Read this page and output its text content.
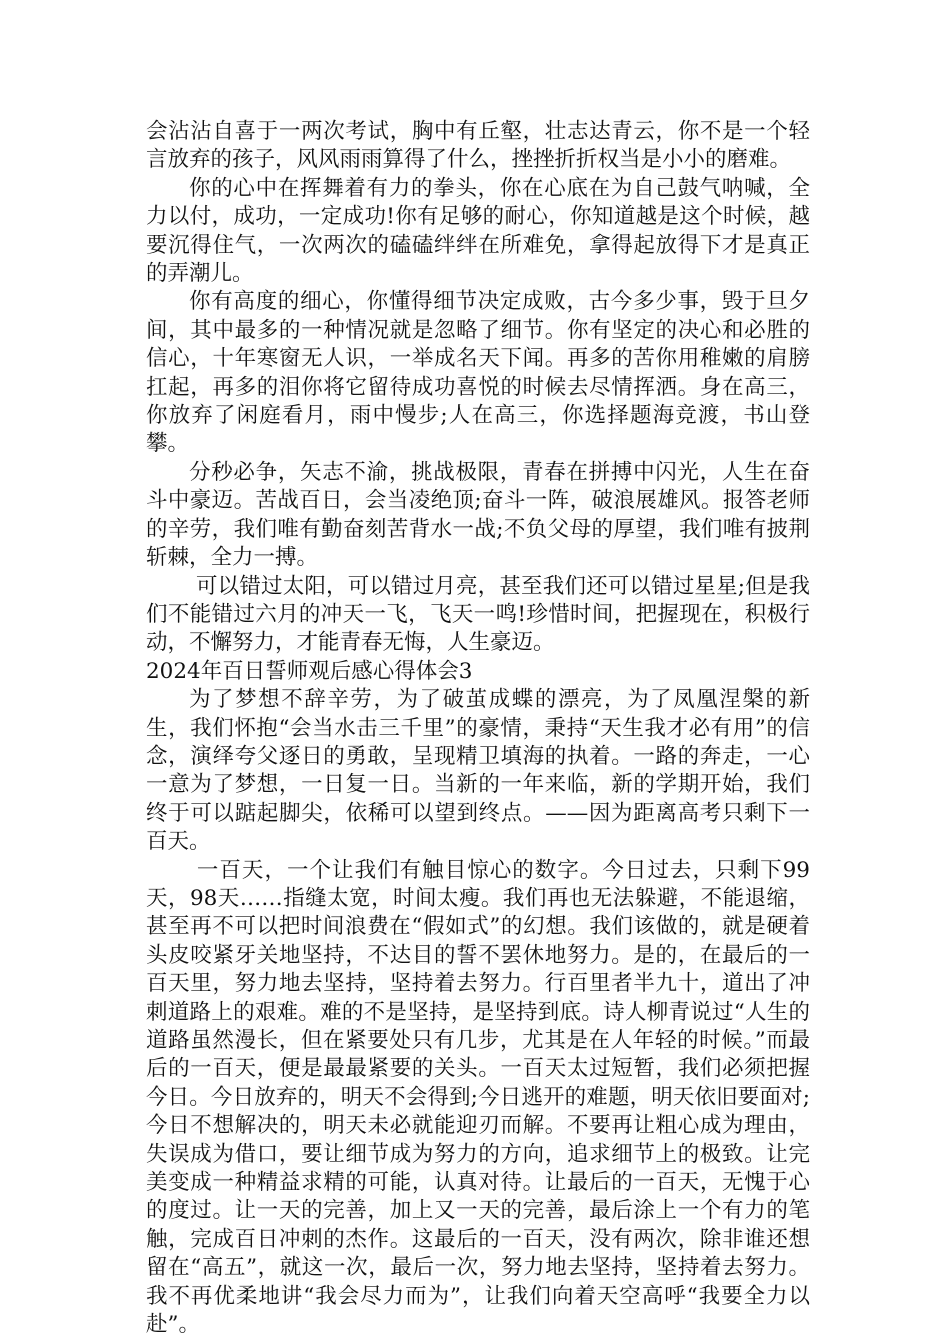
会沾沾自喜于一两次考试，胸中有丘壑，壮志达青云，你不是一个轻言放弃的孩子，风风雨雨算得了什么，挫挫折折权当是小小的磨难。

你的心中在挥舞着有力的拳头，你在心底在为自己鼓气呐喊，全力以付，成功，一定成功!你有足够的耐心，你知道越是这个时候，越要沉得住气，一次两次的磕磕绊绊在所难免，拿得起放得下才是真正的弄潮儿。

你有高度的细心，你懂得细节决定成败，古今多少事，毁于旦夕间，其中最多的一种情况就是忽略了细节。你有坚定的决心和必胜的信心，十年寒窗无人识，一举成名天下闻。再多的苦你用稚嫩的肩膀扛起，再多的泪你将它留待成功喜悦的时候去尽情挥洒。身在高三，你放弃了闲庭看月，雨中慢步;人在高三，你选择题海竞渡，书山登攀。

分秒必争，矢志不渝，挑战极限，青春在拼搏中闪光，人生在奋斗中豪迈。苦战百日，会当凌绝顶;奋斗一阵，破浪展雄风。报答老师的辛劳，我们唯有勤奋刻苦背水一战;不负父母的厚望，我们唯有披荆斩棘，全力一搏。

可以错过太阳，可以错过月亮，甚至我们还可以错过星星;但是我们不能错过六月的冲天一飞，飞天一鸣!珍惜时间，把握现在，积极行动，不懈努力，才能青春无悔，人生豪迈。

2024年百日誓师观后感心得体会3

为了梦想不辞辛劳，为了破茧成蝶的漂亮，为了凤凰涅槃的新生，我们怀抱“会当水击三千里”的豪情，秉持“天生我才必有用”的信念，演绎夸父逐日的勇敢，呈现精卫填海的执着。一路的奔走，一心一意为了梦想，一日复一日。当新的一年来临，新的学期开始，我们终于可以踮起脚尖，依稀可以望到终点。——因为距离高考只剩下一百天。

一百天，一个让我们有触目惊心的数字。今日过去，只剩下99天，98天……指缝太宽，时间太瘦。我们再也无法躲避，不能退缩，甚至再不可以把时间浪费在“假如式”的幻想。我们该做的，就是硬着头皮咬紧牙关地坚持，不达目的誓不罢休地努力。是的，在最后的一百天里，努力地去坚持，坚持着去努力。行百里者半九十，道出了冲刺道路上的艰难。难的不是坚持，是坚持到底。诗人柳青说过“人生的道路虽然漫长，但在紧要处只有几步，尤其是在人年轻的时候。”而最后的一百天，便是最最紧要的关头。一百天太过短暂，我们必须把握今日。今日放弃的，明天不会得到;今日逃开的难题，明天依旧要面对;今日不想解决的，明天未必就能迎刃而解。不要再让粗心成为理由，失误成为借口，要让细节成为努力的方向，追求细节上的极致。让完美变成一种精益求精的可能，认真对待。让最后的一百天，无愧于心的度过。让一天的完善，加上又一天的完善，最后涂上一个有力的笔触，完成百日冲刺的杰作。这最后的一百天，没有两次，除非谁还想留在“高五”，就这一次，最后一次，努力地去坚持，坚持着去努力。我不再优柔地讲“我会尽力而为”，让我们向着天空高呼“我要全力以赴”。
